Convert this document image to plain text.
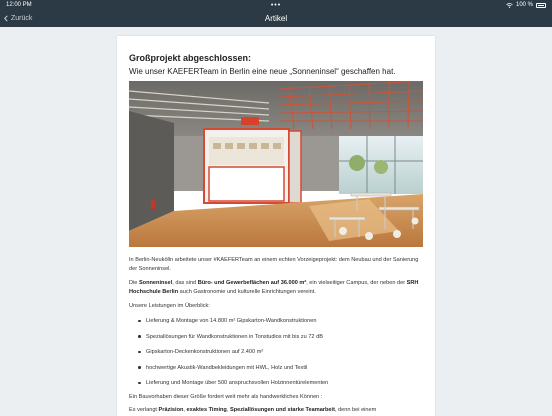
12:00 PM	•••	100 %
Zurück	Artikel
Großprojekt abgeschlossen:
Wie unser KAEFERTeam in Berlin eine neue „Sonneninsel“ geschaffen hat.
In Berlin-Neukölln arbeitete unser #KAEFERTeam an einem echten Vorzeigeprojekt: dem Neubau und der Sanierung der Sonneninsel.
Die Sonneninsel, das sind Büro- und Gewerbeflächen auf 36.000 m², ein vielseitiger Campus, der neben der SRH Hochschule Berlin auch Gastronomie und kulturelle Einrichtungen vereint.
Unsere Leistungen im Überblick:
Lieferung & Montage von 14.800 m² Gipskarton-Wandkonstruktionen
Speziallösungen für Wandkonstruktionen in Tonstudios mit bis zu 72 dB
Gipskarton-Deckenkonstruktionen auf 2.400 m²
hochwertige Akustik-Wandbekleidungen mit HWL, Holz und Textil
Lieferung und Montage über 500 anspruchsvollen Holzinnentürelementen
Ein Bauvorhaben dieser Größe fordert weit mehr als handwerkliches Können :
Es verlangt Präzision, exaktes Timing, Speziallösungen und starke Teamarbeit, denn bei einem
